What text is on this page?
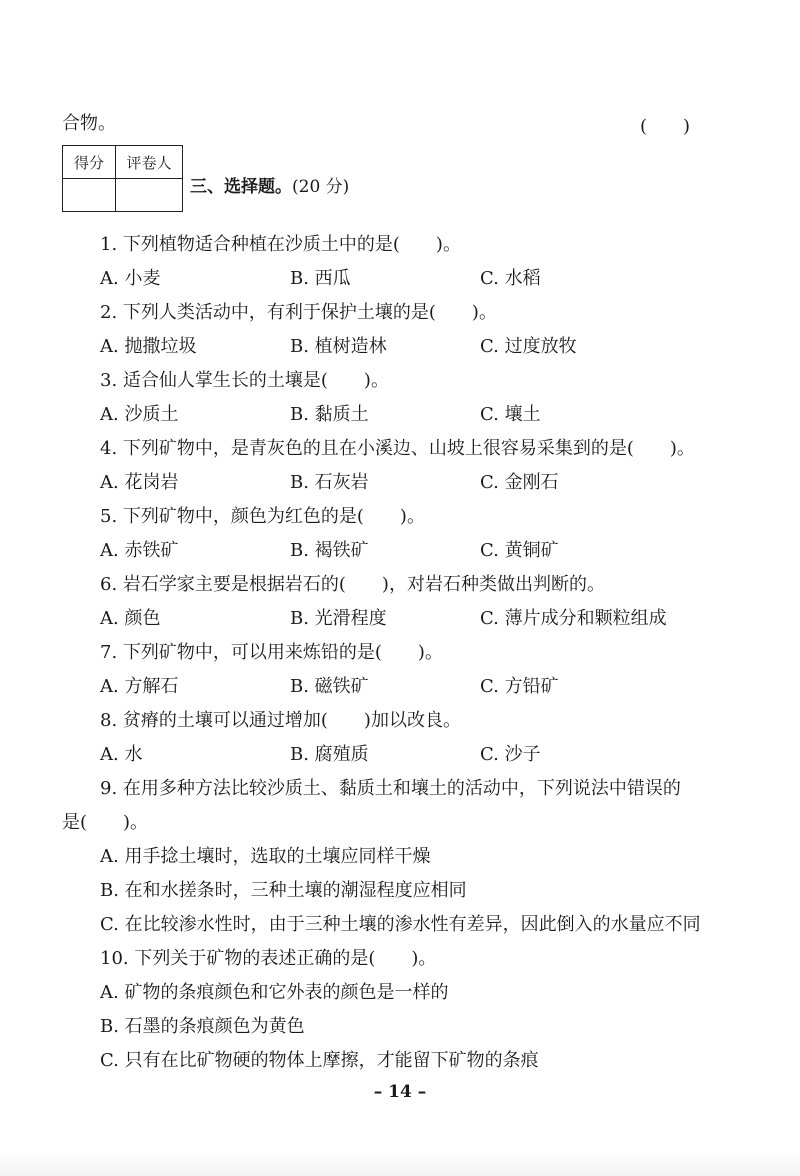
合物。	(　　)
得分	评卷人

三、选择题。(20 分)
1. 下列植物适合种植在沙质土中的是(　　)。
A. 小麦	B. 西瓜	C. 水稻
2. 下列人类活动中，有利于保护土壤的是(　　)。
A. 抛撒垃圾	B. 植树造林	C. 过度放牧
3. 适合仙人掌生长的土壤是(　　)。
A. 沙质土	B. 黏质土	C. 壤土
4. 下列矿物中，是青灰色的且在小溪边、山坡上很容易采集到的是(　　)。
A. 花岗岩	B. 石灰岩	C. 金刚石
5. 下列矿物中，颜色为红色的是(　　)。
A. 赤铁矿	B. 褐铁矿	C. 黄铜矿
6. 岩石学家主要是根据岩石的(　　)，对岩石种类做出判断的。
A. 颜色	B. 光滑程度	C. 薄片成分和颗粒组成
7. 下列矿物中，可以用来炼铅的是(　　)。
A. 方解石	B. 磁铁矿	C. 方铅矿
8. 贫瘠的土壤可以通过增加(　　)加以改良。
A. 水	B. 腐殖质	C. 沙子
9. 在用多种方法比较沙质土、黏质土和壤土的活动中，下列说法中错误的
是(　　)。
A. 用手捻土壤时，选取的土壤应同样干燥
B. 在和水搓条时，三种土壤的潮湿程度应相同
C. 在比较渗水性时，由于三种土壤的渗水性有差异，因此倒入的水量应不同
10. 下列关于矿物的表述正确的是(　　)。
A. 矿物的条痕颜色和它外表的颜色是一样的
B. 石墨的条痕颜色为黄色
C. 只有在比矿物硬的物体上摩擦，才能留下矿物的条痕
– 14 –
